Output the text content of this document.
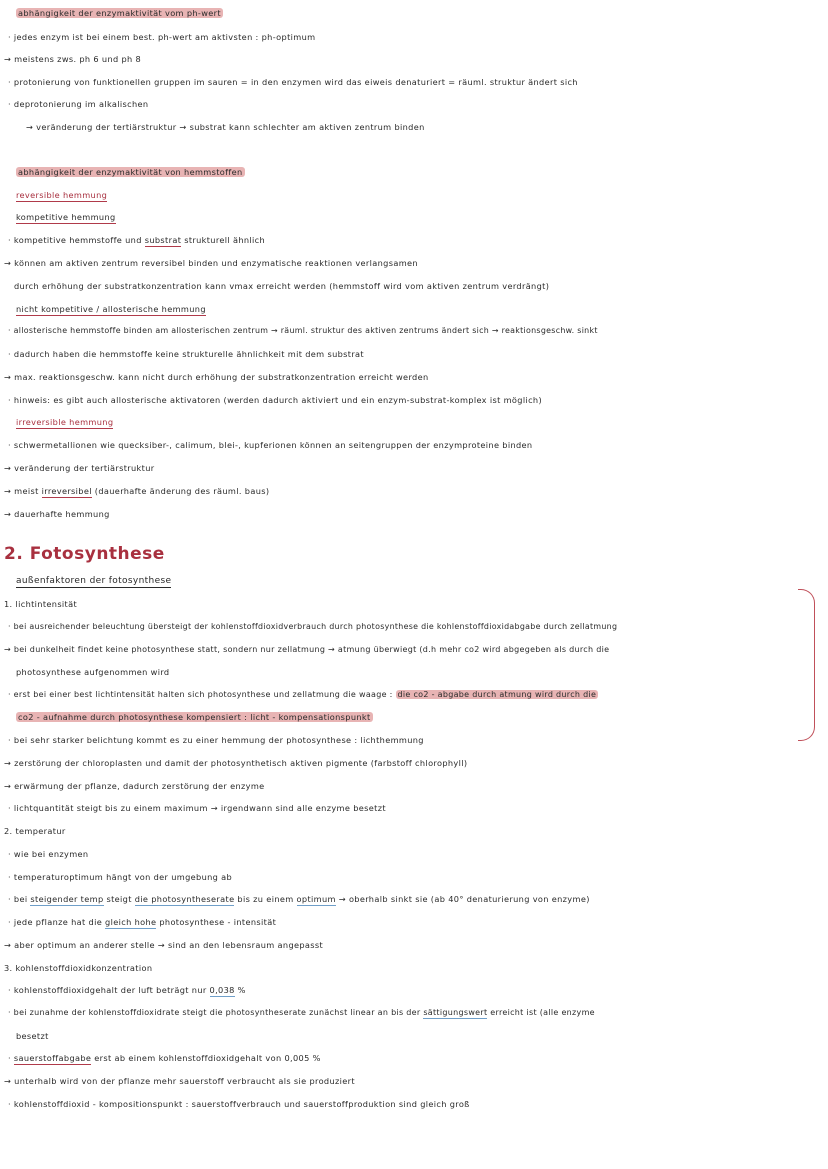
abhängigkeit der enzymaktivität vom ph-wert
· jedes enzym ist bei einem best. ph-wert am aktivsten : ph-optimum
→ meistens zws. ph 6 und ph 8
· protonierung von funktionellen gruppen im sauren = in den enzymen wird das eiweis denaturiert = räuml. struktur ändert sich
· deprotonierung im alkalischen
→ veränderung der tertiärstruktur → substrat kann schlechter am aktiven zentrum binden
abhängigkeit der enzymaktivität von hemmstoffen
reversible hemmung
kompetitive hemmung
· kompetitive hemmstoffe und substrat strukturell ähnlich
→ können am aktiven zentrum reversibel binden und enzymatische reaktionen verlangsamen
durch erhöhung der substratkonzentration kann vmax erreicht werden (hemmstoff wird vom aktiven zentrum verdrängt)
nicht kompetitive / allosterische hemmung
· allosterische hemmstoffe binden am allosterischen zentrum → räuml. struktur des aktiven zentrums ändert sich → reaktionsgeschw. sinkt
· dadurch haben die hemmstoffe keine strukturelle ähnlichkeit mit dem substrat
→ max. reaktionsgeschw. kann nicht durch erhöhung der substratkonzentration erreicht werden
· hinweis: es gibt auch allosterische aktivatoren (werden dadurch aktiviert und ein enzym-substrat-komplex ist möglich)
irreversible hemmung
· schwermetallionen wie quecksiber-, calimum, blei-, kupferionen können an seitengruppen der enzymproteine binden
→ veränderung der tertiärstruktur
→ meist irreversibel (dauerhafte änderung des räuml. baus)
→ dauerhafte hemmung
2. Fotosynthese
außenfaktoren der fotosynthese
1. lichtintensität
· bei ausreichender beleuchtung übersteigt der kohlenstoffdioxidverbrauch durch photosynthese die kohlenstoffdioxidabgabe durch zellatmung
→ bei dunkelheit findet keine photosynthese statt, sondern nur zellatmung → atmung überwiegt (d.h mehr co2 wird abgegeben als durch die
photosynthese aufgenommen wird
· erst bei einer best lichtintensität halten sich photosynthese und zellatmung die waage : die co2 - abgabe durch atmung wird durch die
co2 - aufnahme durch photosynthese kompensiert : licht - kompensationspunkt
· bei sehr starker belichtung kommt es zu einer hemmung der photosynthese : lichthemmung
→ zerstörung der chloroplasten und damit der photosynthetisch aktiven pigmente (farbstoff chlorophyll)
→ erwärmung der pflanze, dadurch zerstörung der enzyme
· lichtquantität steigt bis zu einem maximum → irgendwann sind alle enzyme besetzt
2. temperatur
· wie bei enzymen
· temperaturoptimum hängt von der umgebung ab
· bei steigender temp steigt die photosyntheserate bis zu einem optimum → oberhalb sinkt sie (ab 40° denaturierung von enzyme)
· jede pflanze hat die gleich hohe photosynthese - intensität
→ aber optimum an anderer stelle → sind an den lebensraum angepasst
3. kohlenstoffdioxidkonzentration
· kohlenstoffdioxidgehalt der luft beträgt nur 0,038 %
· bei zunahme der kohlenstoffdioxidrate steigt die photosyntheserate zunächst linear an bis der sättigungswert erreicht ist (alle enzyme
besetzt
· sauerstoffabgabe erst ab einem kohlenstoffdioxidgehalt von 0,005 %
→ unterhalb wird von der pflanze mehr sauerstoff verbraucht als sie produziert
· kohlenstoffdioxid - kompositionspunkt : sauerstoffverbrauch und sauerstoffproduktion sind gleich groß
